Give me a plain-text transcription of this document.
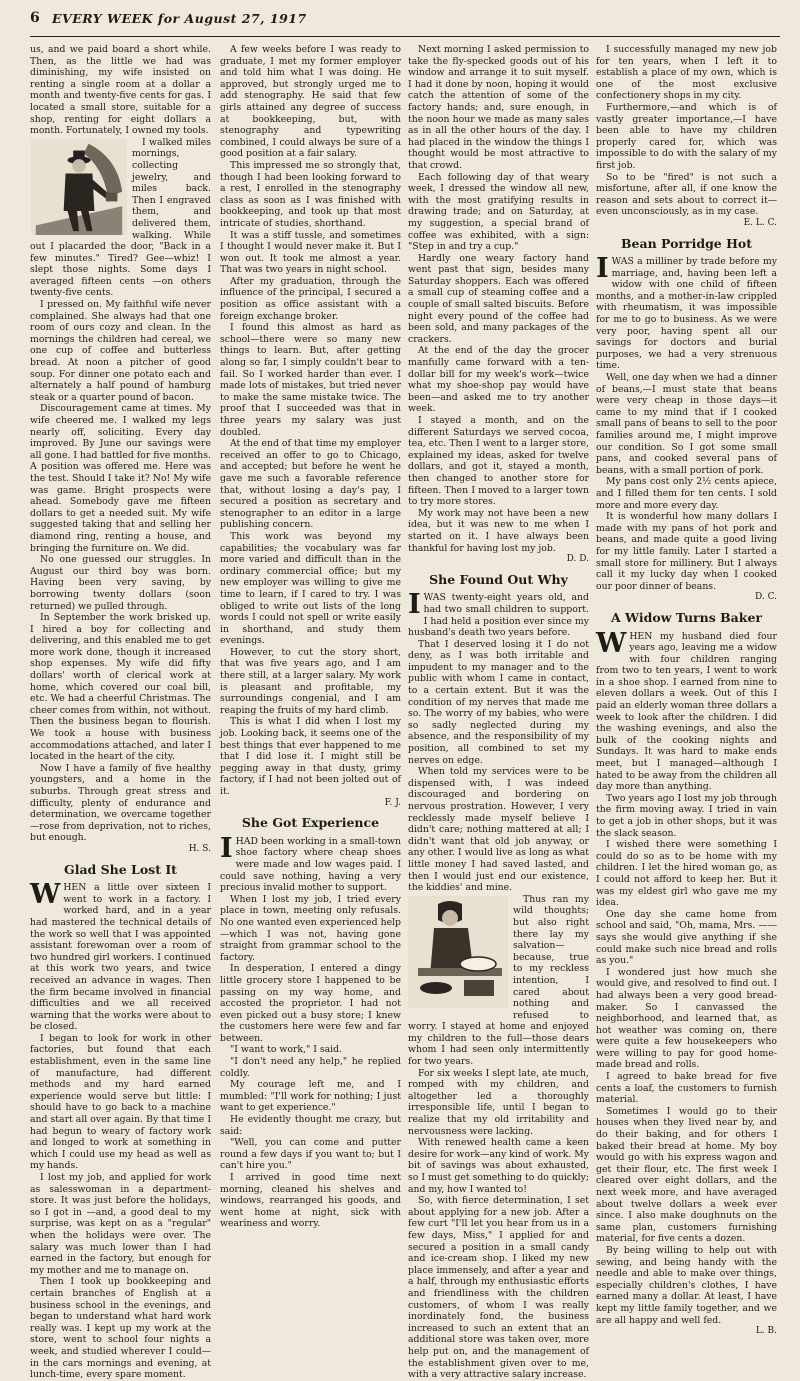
6 EVERY WEEK for August 27, 1917

us, and we paid board a short while. Then, as the little we had was diminishing, my wife insisted on renting a single room at a dollar a month and twenty-five cents for gas. I located a small store, suitable for a shop, renting for eight dollars a month. Fortunately, I owned my tools.

I walked miles mornings, collecting jewelry, and miles back. Then I engraved them, and delivered them, walking. While out I placarded the door, "Back in a few minutes." Tired? Gee—whiz! I slept those nights. Some days I averaged fifteen cents —on others twenty-five cents.

I pressed on. My faithful wife never complained. She always had that one room of ours cozy and clean. In the mornings the children had cereal, we one cup of coffee and butterless bread. At noon a pitcher of good soup. For dinner one potato each and alternately a half pound of hamburg steak or a quarter pound of bacon.

Discouragement came at times. My wife cheered me. I walked my legs nearly off, soliciting. Every day improved. By June our savings were all gone. I had battled for five months. A position was offered me. Here was the test. Should I take it? No! My wife was game. Bright prospects were ahead. Somebody gave me fifteen dollars to get a needed suit. My wife suggested taking that and selling her diamond ring, renting a house, and bringing the furniture on. We did.

No one guessed our struggles. In August our third boy was born. Having been very saving, by borrowing twenty dollars (soon returned) we pulled through.

In September the work brisked up. I hired a boy for collecting and delivering, and this enabled me to get more work done, though it increased shop expenses. My wife did fifty dollars' worth of clerical work at home, which covered our coal bill, etc. We had a cheerful Christmas. The cheer comes from within, not without. Then the business began to flourish. We took a house with business accommodations attached, and later I located in the heart of the city.

Now I have a family of five healthy youngsters, and a home in the suburbs. Through great stress and difficulty, plenty of endurance and determination, we overcame together—rose from deprivation, not to riches, but enough.

H. S.
Glad She Lost It

WHEN a little over sixteen I went to work in a factory. I worked hard, and in a year had mastered the technical details of the work so well that I was appointed assistant forewoman over a room of two hundred girl workers. I continued at this work two years, and twice received an advance in wages. Then the firm became involved in financial difficulties and we all received warning that the works were about to be closed.

I began to look for work in other factories, but found that each establishment, even in the same line of manufacture, had different methods and my hard earned experience would serve but little: I should have to go back to a machine and start all over again. By that time I had begun to weary of factory work and longed to work at something in which I could use my head as well as my hands.

I lost my job, and applied for work as salesswoman in a department-store. It was just before the holidays, so I got in —and, a good deal to my surprise, was kept on as a "regular" when the holidays were over. The salary was much lower than I had earned in the factory, but enough for my mother and me to manage on.

Then I took up bookkeeping and certain branches of English at a business school in the evenings, and began to understand what hard work really was. I kept up my work at the store, went to school four nights a week, and studied wherever I could—in the cars mornings and evening, at lunch-time, every spare moment.

A few weeks before I was ready to graduate, I met my former employer and told him what I was doing. He approved, but strongly urged me to add stenography. He said that few girls attained any degree of success at bookkeeping, but, with stenography and typewriting combined, I could always be sure of a good position at a fair salary.

This impressed me so strongly that, though I had been looking forward to a rest, I enrolled in the stenography class as soon as I was finished with bookkeeping, and took up that most intricate of studies, shorthand.

It was a stiff tussle, and sometimes I thought I would never make it. But I won out. It took me almost a year. That was two years in night school.

After my graduation, through the influence of the principal, I secured a position as office assistant with a foreign exchange broker.

I found this almost as hard as school—there were so many new things to learn. But, after getting along so far, I simply couldn't bear to fail. So I worked harder than ever. I made lots of mistakes, but tried never to make the same mistake twice. The proof that I succeeded was that in three years my salary was just doubled.

At the end of that time my employer received an offer to go to Chicago, and accepted; but before he went he gave me such a favorable reference that, without losing a day's pay, I secured a position as secretary and stenographer to an editor in a large publishing concern.

This work was beyond my capabilities; the vocabulary was far more varied and difficult than in the ordinary commercial office; but my new employer was willing to give me time to learn, if I cared to try. I was obliged to write out lists of the long words I could not spell or write easily in shorthand, and study them evenings.

However, to cut the story short, that was five years ago, and I am there still, at a larger salary. My work is pleasant and profitable, my surroundings congenial, and I am reaping the fruits of my hard climb.

This is what I did when I lost my job. Looking back, it seems one of the best things that ever happened to me that I did lose it. I might still be pegging away in that dusty, grimy factory, if I had not been jolted out of it.

F. J.
She Got Experience

IHAD been working in a small-town shoe factory where cheap shoes were made and low wages paid. I could save nothing, having a very precious invalid mother to support.

When I lost my job, I tried every place in town, meeting only refusals. No one wanted even experienced help—which I was not, having gone straight from grammar school to the factory.

In desperation, I entered a dingy little grocery store I happened to be passing on my way home, and accosted the proprietor. I had not even picked out a busy store; I knew the customers here were few and far between.

"I want to work," I said.

"I don't need any help," he replied coldly.

My courage left me, and I mumbled: "I'll work for nothing; I just want to get experience."

He evidently thought me crazy, but said:

"Well, you can come and putter round a few days if you want to; but I can't hire you."

I arrived in good time next morning, cleaned his shelves and windows, rearranged his goods, and went home at night, sick with weariness and worry.

Next morning I asked permission to take the fly-specked goods out of his window and arrange it to suit myself. I had it done by noon, hoping it would catch the attention of some of the factory hands; and, sure enough, in the noon hour we made as many sales as in all the other hours of the day. I had placed in the window the things I thought would be most attractive to that crowd.

Each following day of that weary week, I dressed the window all new, with the most gratifying results in drawing trade; and on Saturday, at my suggestion, a special brand of coffee was exhibited, with a sign: "Step in and try a cup."

Hardly one weary factory hand went past that sign, besides many Saturday shoppers. Each was offered a small cup of steaming coffee and a couple of small salted biscuits. Before night every pound of the coffee had been sold, and many packages of the crackers.

At the end of the day the grocer manfully came forward with a ten-dollar bill for my week's work—twice what my shoe-shop pay would have been—and asked me to try another week.

I stayed a month, and on the different Saturdays we served cocoa, tea, etc. Then I went to a larger store, explained my ideas, asked for twelve dollars, and got it, stayed a month, then changed to another store for fifteen. Then I moved to a larger town to try more stores.

My work may not have been a new idea, but it was new to me when I started on it. I have always been thankful for having lost my job.

D. D.
She Found Out Why

IWAS twenty-eight years old, and had two small children to support. I had held a position ever since my husband's death two years before.

That I deserved losing it I do not deny, as I was both irritable and impudent to my manager and to the public with whom I came in contact, to a certain extent. But it was the condition of my nerves that made me so. The worry of my babies, who were so sadly neglected during my absence, and the responsibility of my position, all combined to set my nerves on edge.

When told my services were to be dispensed with, I was indeed discouraged and bordering on nervous prostration. However, I very recklessly made myself believe I didn't care; nothing mattered at all; I didn't want that old job anyway, or any other. I would live as long as what little money I had saved lasted, and then I would just end our existence, the kiddies' and mine.

Thus ran my wild thoughts; but also right there lay my salvation—because, true to my reckless intention, I cared about nothing and refused to worry. I stayed at home and enjoyed my children to the full—those dears whom I had seen only intermittently for two years.

For six weeks I slept late, ate much, romped with my children, and altogether led a thoroughly irresponsible life, until I began to realize that my old irritability and nervousness were lacking.

With renewed health came a keen desire for work—any kind of work. My bit of savings was about exhausted, so I must get something to do quickly; and my, how I wanted to!

So, with fierce determination, I set about applying for a new job. After a few curt "I'll let you hear from us in a few days, Miss," I applied for and secured a position in a small candy and ice-cream shop. I liked my new place immensely, and after a year and a half, through my enthusiastic efforts and friendliness with the children customers, of whom I was really inordinately fond, the business increased to such an extent that an additional store was taken over, more help put on, and the management of the establishment given over to me, with a very attractive salary increase.

I successfully managed my new job for ten years, when I left it to establish a place of my own, which is one of the most exclusive confectionery shops in my city.

Furthermore,—and which is of vastly greater importance,—I have been able to have my children properly cared for, which was impossible to do with the salary of my first job.

So to be "fired" is not such a misfortune, after all, if one know the reason and sets about to correct it—even unconsciously, as in my case.

E. L. C.
Bean Porridge Hot

IWAS a milliner by trade before my marriage, and, having been left a widow with one child of fifteen months, and a mother-in-law crippled with rheumatism, it was impossible for me to go to business. As we were very poor, having spent all our savings for doctors and burial purposes, we had a very strenuous time.

Well, one day when we had a dinner of beans,—I must state that beans were very cheap in those days—it came to my mind that if I cooked small pans of beans to sell to the poor families around me, I might improve our condition. So I got some small pans, and cooked several pans of beans, with a small portion of pork.

My pans cost only 2½ cents apiece, and I filled them for ten cents. I sold more and more every day.

It is wonderful how many dollars I made with my pans of hot pork and beans, and made quite a good living for my little family. Later I started a small store for millinery. But I always call it my lucky day when I cooked our poor dinner of beans.

D. C.
A Widow Turns Baker

WHEN my husband died four years ago, leaving me a widow with four children ranging from two to ten years, I went to work in a shoe shop. I earned from nine to eleven dollars a week. Out of this I paid an elderly woman three dollars a week to look after the children. I did the washing evenings, and also the bulk of the cooking nights and Sundays. It was hard to make ends meet, but I managed—although I hated to be away from the children all day more than anything.

Two years ago I lost my job through the firm moving away. I tried in vain to get a job in other shops, but it was the slack season.

I wished there were something I could do so as to be home with my children. I let the hired woman go, as I could not afford to keep her. But it was my eldest girl who gave me my idea.

One day she came home from school and said, "Oh, mama, Mrs. —— says she would give anything if she could make such nice bread and rolls as you."

I wondered just how much she would give, and resolved to find out. I had always been a very good bread-maker. So I canvassed the neighborhood, and learned that, as hot weather was coming on, there were quite a few housekeepers who were willing to pay for good home-made bread and rolls.

I agreed to bake bread for five cents a loaf, the customers to furnish material.

Sometimes I would go to their houses when they lived near by, and do their baking, and for others I baked their bread at home. My boy would go with his express wagon and get their flour, etc. The first week I cleared over eight dollars, and the next week more, and have averaged about twelve dollars a week ever since. I also make doughnuts on the same plan, customers furnishing material, for five cents a dozen.

By being willing to help out with sewing, and being handy with the needle and able to make over things, especially children's clothes, I have earned many a dollar. At least, I have kept my little family together, and we are all happy and well fed.

L. B.
